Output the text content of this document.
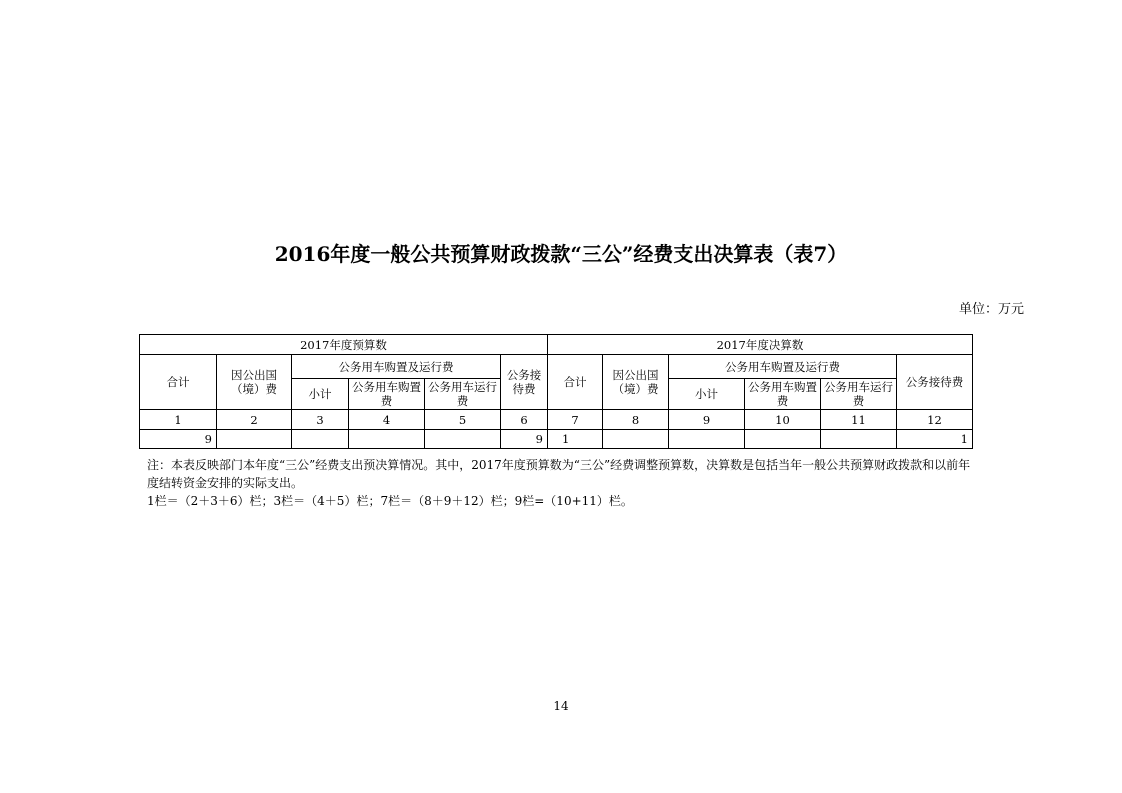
2016年度一般公共预算财政拨款“三公”经费支出决算表（表7）
单位：万元
2017年度预算数						2017年度决算数					
合计	因公出国（境）费	公务用车购置及运行费			公务接待费	合计	因公出国（境）费	公务用车购置及运行费			公务接待费
		小计	公务用车购置费	公务用车运行费				小计	公务用车购置费	公务用车运行费	
1	2	3	4	5	6	7	8	9	10	11	12
9					9	1					1

注：本表反映部门本年度“三公”经费支出预决算情况。其中，2017年度预算数为“三公”经费调整预算数，决算数是包括当年一般公共预算财政拨款和以前年度结转资金安排的实际支出。

1栏＝（2＋3＋6）栏；3栏＝（4＋5）栏；7栏＝（8＋9＋12）栏；9栏=（10+11）栏。

14
